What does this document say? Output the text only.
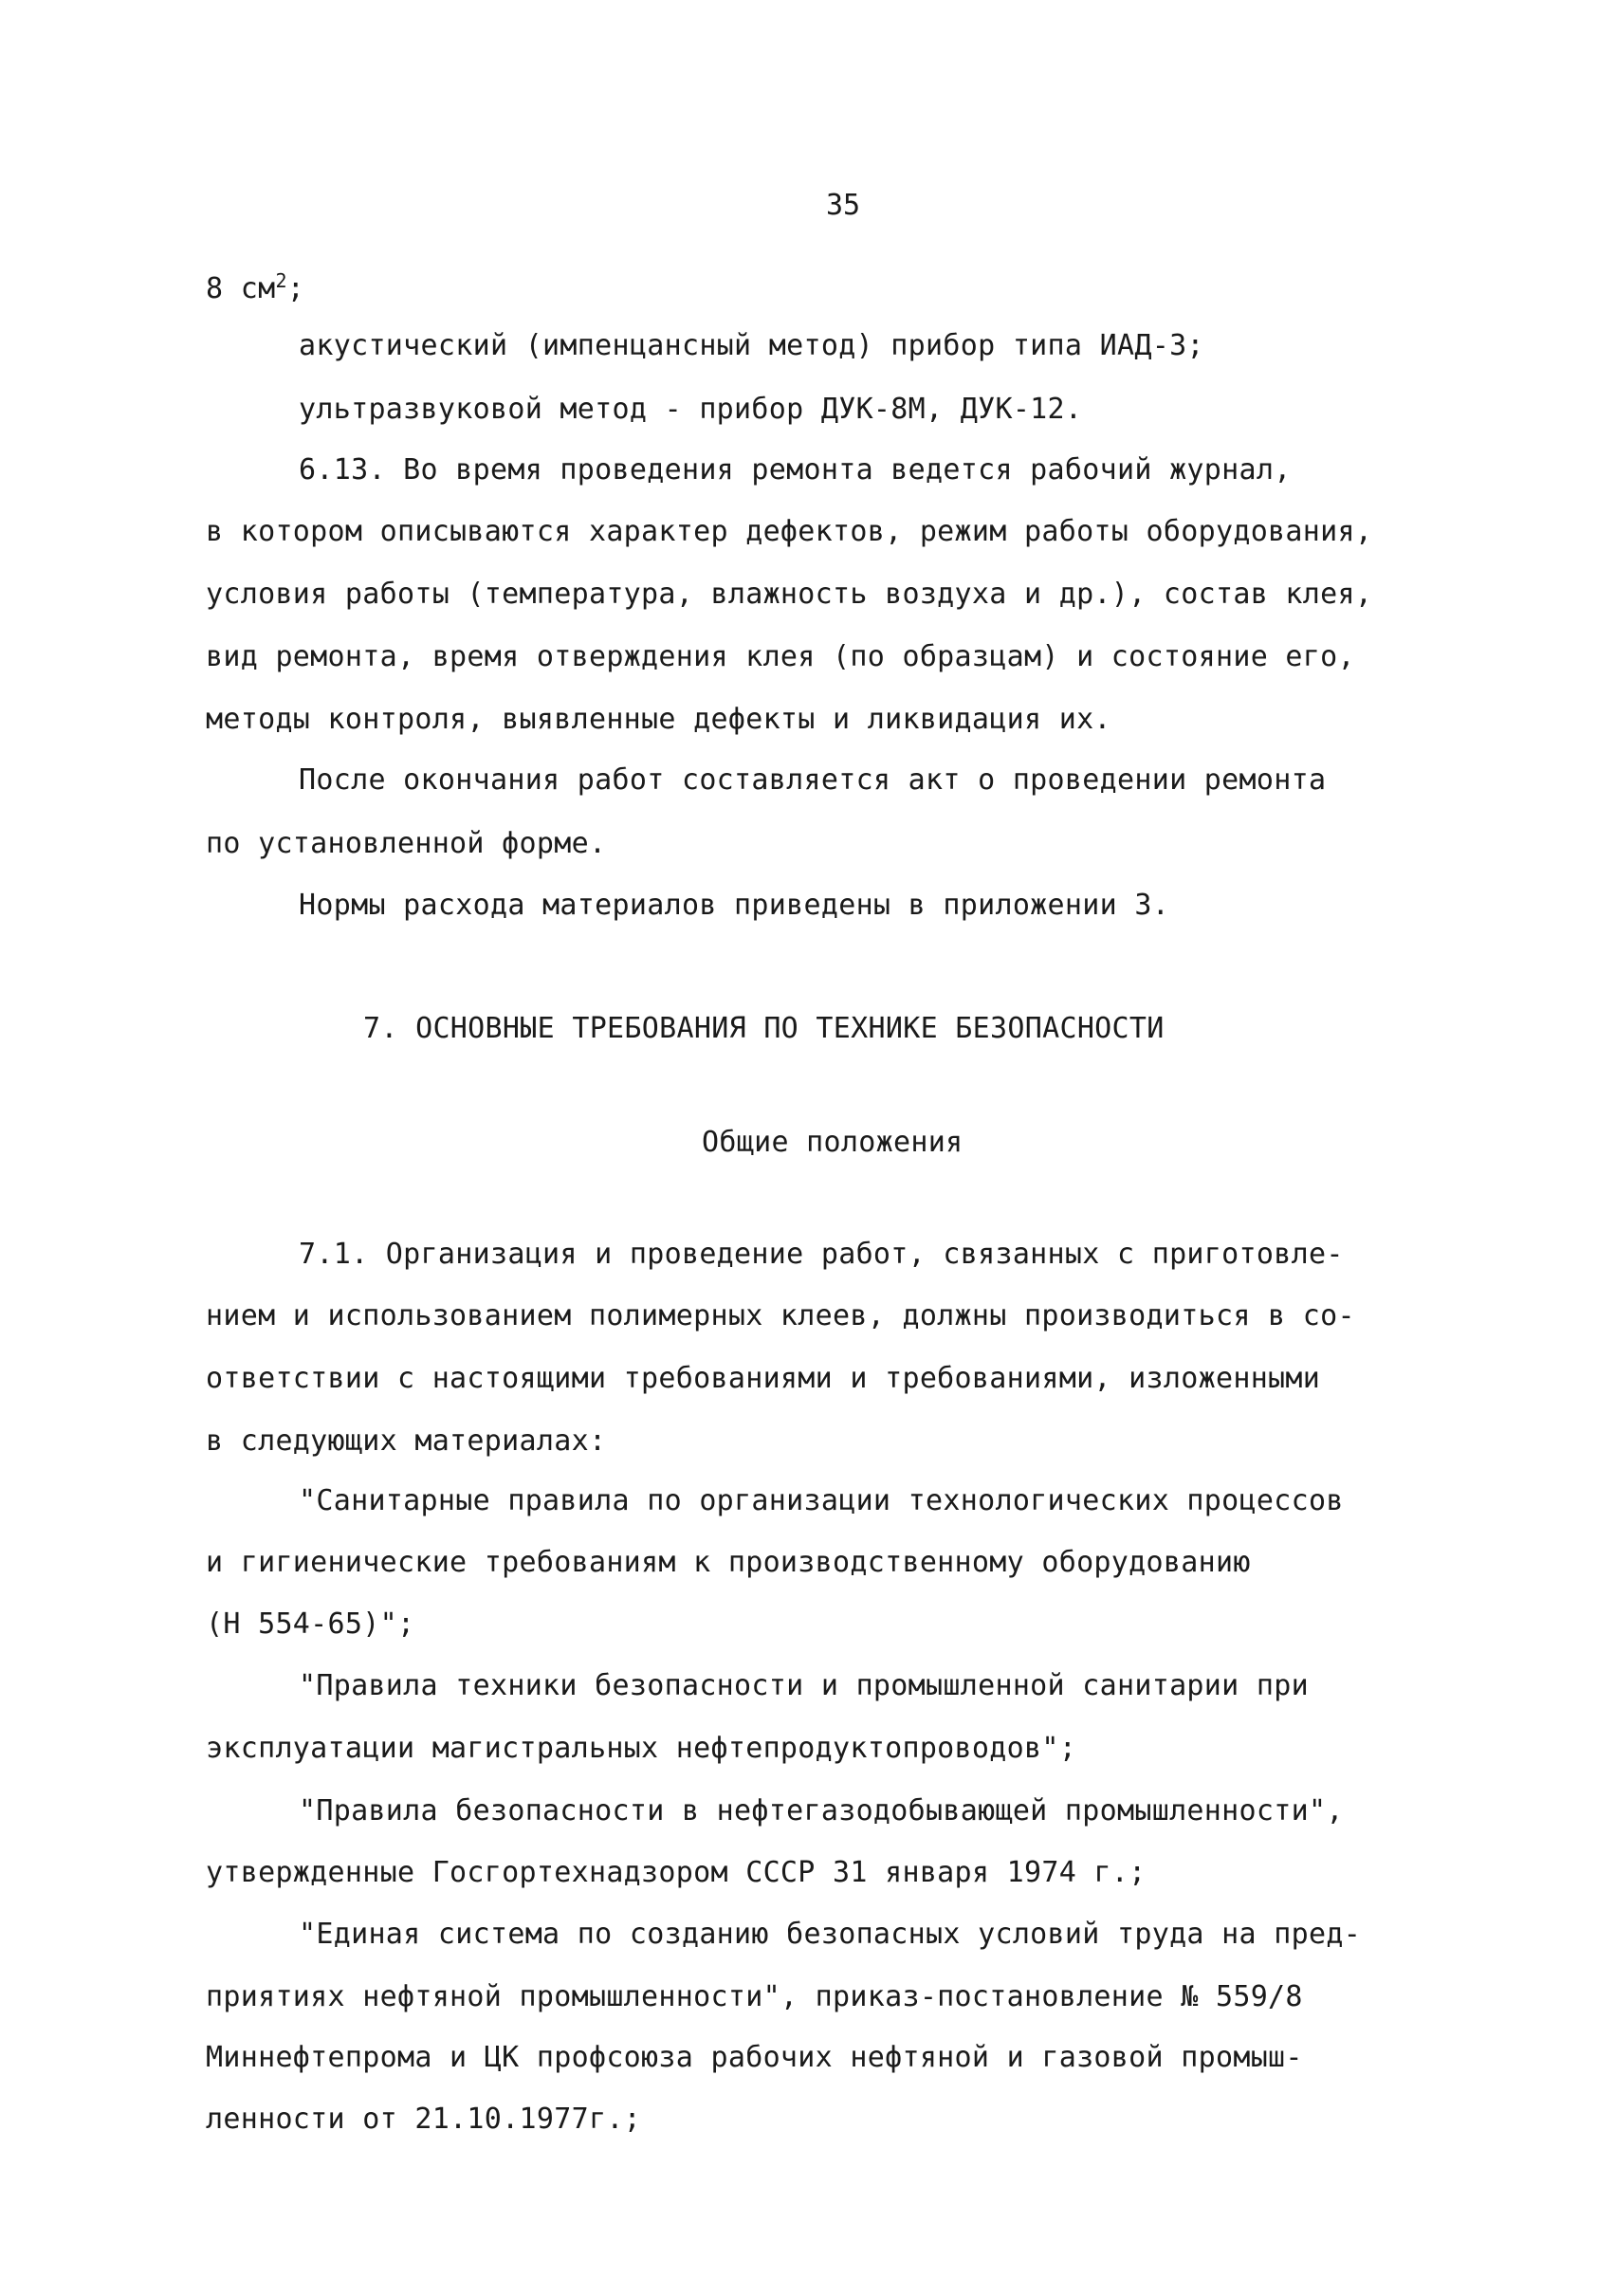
35
8 $см^2$;
акустический (импенцансный метод) прибор типа ИАД-3;
ультразвуковой метод - прибор ДУК-8М, ДУК-12.
6.13. Во время проведения ремонта ведется рабочий журнал,
в котором описываются характер дефектов, режим работы оборудования,
условия работы (температура, влажность воздуха и др.), состав клея,
вид ремонта, время отверждения клея (по образцам) и состояние его,
методы контроля, выявленные дефекты и ликвидация их.
После окончания работ составляется акт о проведении ремонта
по установленной форме.
Нормы расхода материалов приведены в приложении 3.
7. ОСНОВНЫЕ ТРЕБОВАНИЯ ПО ТЕХНИКЕ БЕЗОПАСНОСТИ
Общие положения
7.1. Организация и проведение работ, связанных с приготовле-
нием и использованием полимерных клеев, должны производиться в со-
ответствии с настоящими требованиями и требованиями, изложенными
в следующих материалах:
"Санитарные правила по организации технологических процессов
и гигиенические требованиям к производственному оборудованию
(Н 554-65)";
"Правила техники безопасности и промышленной санитарии при
эксплуатации магистральных нефтепродуктопроводов";
"Правила безопасности в нефтегазодобывающей промышленности",
утвержденные Госгортехнадзором СССР 31 января 1974 г.;
"Единая система по созданию безопасных условий труда на пред-
приятиях нефтяной промышленности", приказ-постановление № 559/8
Миннефтепрома и ЦК профсоюза рабочих нефтяной и газовой промыш-
ленности от 21.10.1977г.;
